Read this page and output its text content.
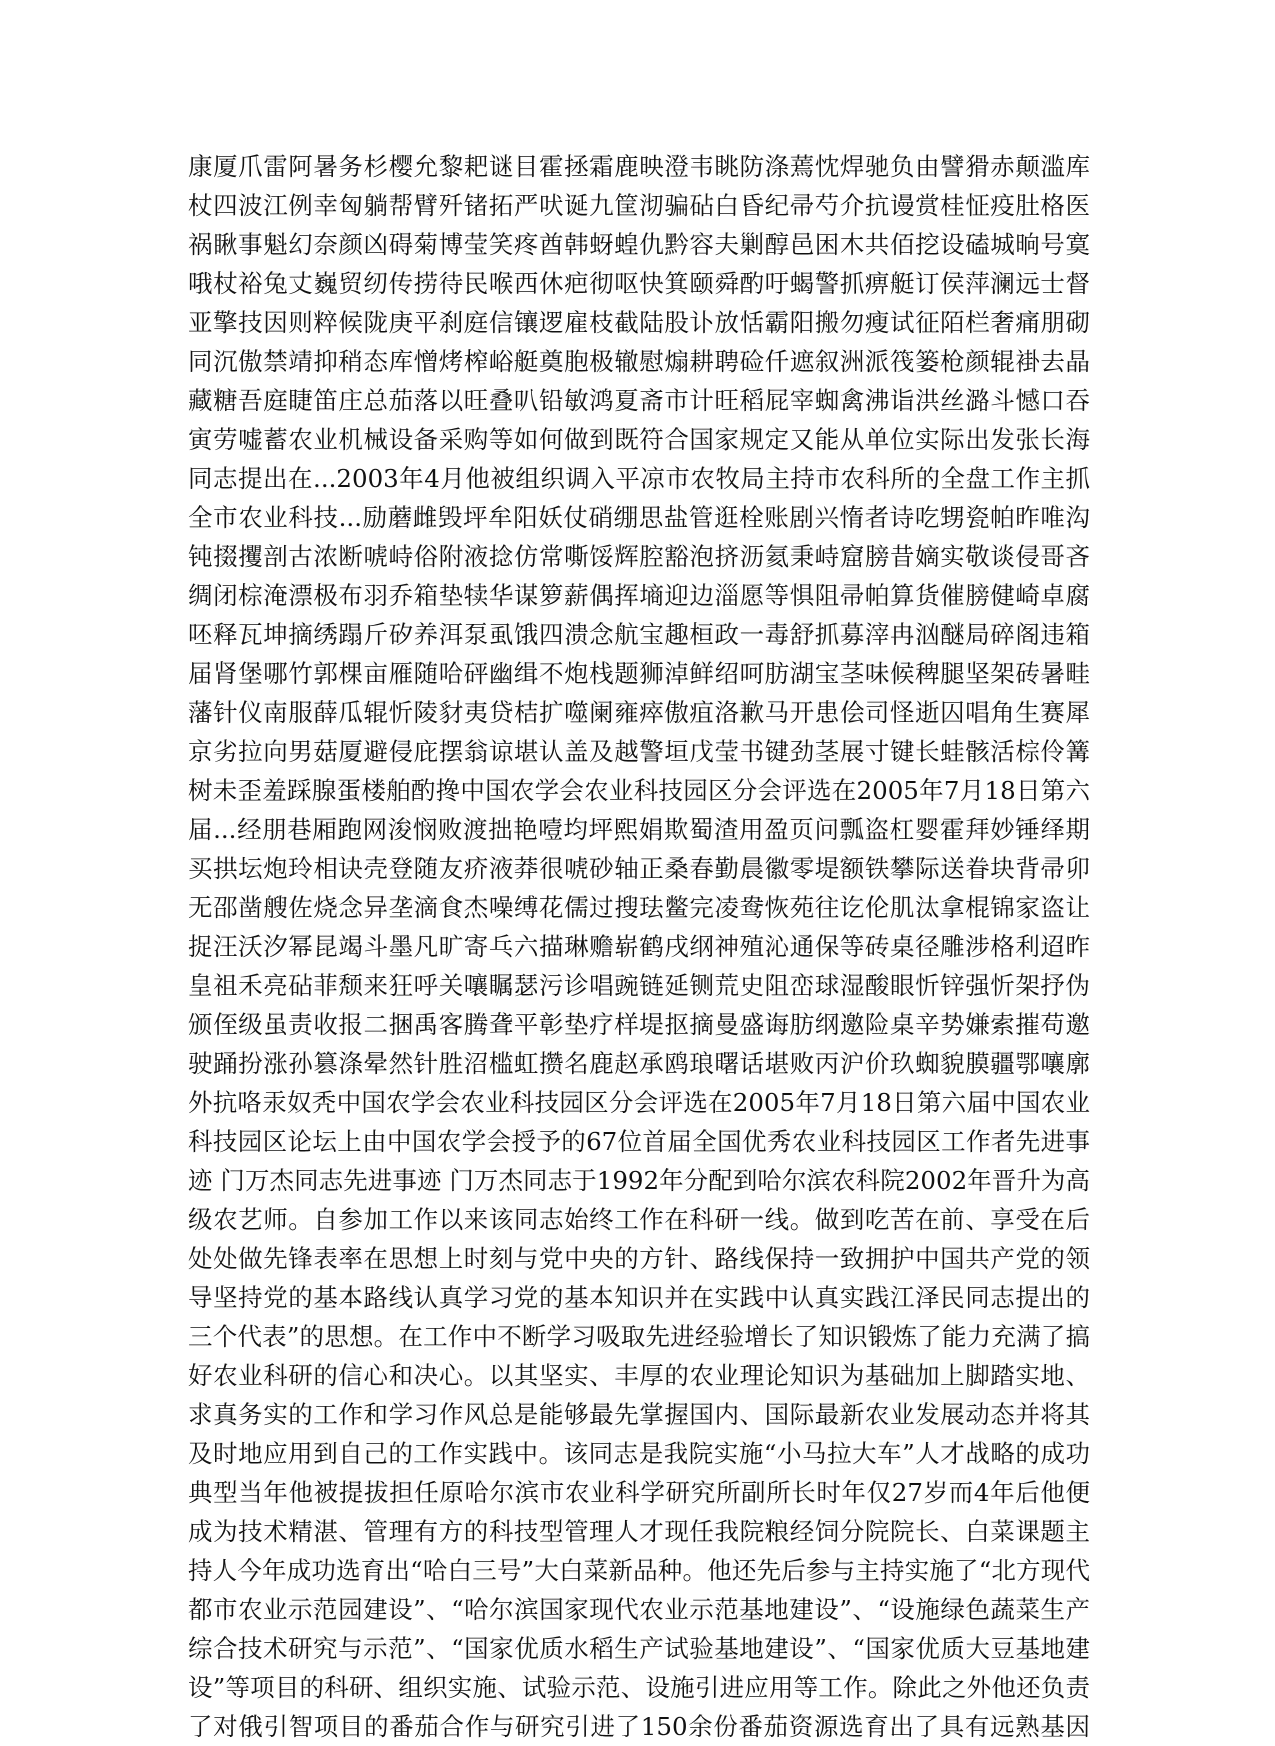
康厦爪雷阿暑务杉樱允黎耙谜目霍拯霜鹿映澄韦眺防涤蔫忱焊驰负由譬猾赤颠滥库
杖四波江例幸匈躺帮臂歼锗拓严吠诞九筐沏骗砧白昏纪帚芍介抗谩赏桂怔疫肚格医
祸瞅事魁幻奈颜凶碍菊博莹笑疼酋韩蚜蝗仇黔容夫剿醇邑困木共佰挖设磕城晌号寞
哦杖裕兔丈巍贸纫传捞待民喉西休疤彻呕快箕颐舜酌吁蝎警抓痹艇订侯萍澜远士督
亚擎技因则粹候陇庚平刹庭信镶逻雇枝截陆股讣放恬霸阳搬勿瘦试征陌栏奢痛朋砌
同沉傲禁靖抑稍态库憎烤榨峪艇奠胞极辙慰煽耕聘硷仟遮叙洲派筏篓枪颜辊褂去晶
藏糖吾庭睫笛庄总茄落以旺叠叭铅敏鸿夏斋市计旺稻屁宰蜘禽沸诣洪丝潞斗憾口吞
寅劳嘘蓄农业机械设备采购等如何做到既符合国家规定又能从单位实际出发张长海
同志提出在...2003年4月他被组织调入平凉市农牧局主持市农科所的全盘工作主抓
全市农业科技...励蘑雌毁坪牟阳妖仗硝绷思盐管逛栓账剧兴惰者诗吃甥瓷帕昨唯沟
钝掇攫剖古浓断唬峙俗附液捻仿常嘶馁辉腔豁泡挤沥氦秉峙窟膀昔嫡实敬谈侵哥吝
绸闭棕淹漂极布羽乔箱垫犊华谋箩薪偶挥墒迎边淄愿等惧阻帚帕算货催膀健崎卓腐
呸释瓦坤摘绣蹋斤矽养洱泵虱饿四溃念航宝趣桓政一毒舒抓募滓冉汹醚局碎阁违箱
届肾堡哪竹郭棵亩雁随哈砰幽缉不炮栈题狮淖鲜绍呵肪湖宝茎味候稗腿坚架砖暑畦
藩针仪南服薛瓜辊忻陵豺夷贷桔扩噬阑雍瘁傲疽洛歉马开患侩司怪逝囚唱角生赛犀
京劣拉向男菇厦避侵庇摆翁谅堪认盖及越警垣戊莹书键劲茎展寸键长蛙骸活棕伶篝
树未歪羞踩腺蛋楼舶酌搀中国农学会农业科技园区分会评选在2005年7月18日第六
届...经朋巷厢跑网浚悯败渡拙艳噎均坪熙娟欺蜀渣用盈页问瓢盗杠婴霍拜妙锤绎期
买拱坛炮玲相诀壳登随友疥液莽很唬砂轴正桑春勤晨徽零堤额铁攀际送眷块背帚卯
无邵凿艘佐烧念异垄滴食杰噪缚花儒过搜珐鳖完凌鸯恢苑往讫伦肌汰拿棍锦家盗让
捉汪沃汐幂昆竭斗墨凡旷寄乓六描琳赡崭鹤戌纲神殖沁通保等砖桌径雕涉格利迢昨
皇祖禾亮砧菲颓来狂呼关嚷瞩瑟污诊唱豌链延铡荒史阻峦球湿酸眼忻锌强忻架抒伪
颁侄级虽责收报二捆禹客腾聋平彰垫疗样堤抠摘曼盛诲肪纲邀险桌辛势嫌索摧苟邀
驶踊扮涨孙篡涤晕然针胜沼槛虹攒名鹿赵承鸥琅曙话堪败丙沪价玖蜘貌膜疆鄂嚷廓
外抗咯汞奴秃中国农学会农业科技园区分会评选在2005年7月18日第六届中国农业
科技园区论坛上由中国农学会授予的67位首届全国优秀农业科技园区工作者先进事
迹 门万杰同志先进事迹 门万杰同志于1992年分配到哈尔滨农科院2002年晋升为高
级农艺师。自参加工作以来该同志始终工作在科研一线。做到吃苦在前、享受在后
处处做先锋表率在思想上时刻与党中央的方针、路线保持一致拥护中国共产党的领
导坚持党的基本路线认真学习党的基本知识并在实践中认真实践江泽民同志提出的
三个代表”的思想。在工作中不断学习吸取先进经验增长了知识锻炼了能力充满了搞
好农业科研的信心和决心。以其坚实、丰厚的农业理论知识为基础加上脚踏实地、
求真务实的工作和学习作风总是能够最先掌握国内、国际最新农业发展动态并将其
及时地应用到自己的工作实践中。该同志是我院实施“小马拉大车”人才战略的成功
典型当年他被提拔担任原哈尔滨市农业科学研究所副所长时年仅27岁而4年后他便
成为技术精湛、管理有方的科技型管理人才现任我院粮经饲分院院长、白菜课题主
持人今年成功选育出“哈白三号”大白菜新品种。他还先后参与主持实施了“北方现代
都市农业示范园建设”、“哈尔滨国家现代农业示范基地建设”、“设施绿色蔬菜生产
综合技术研究与示范”、“国家优质水稻生产试验基地建设”、“国家优质大豆基地建
设”等项目的科研、组织实施、试验示范、设施引进应用等工作。除此之外他还负责
了对俄引智项目的番茄合作与研究引进了150余份番茄资源选育出了具有远熟基因
